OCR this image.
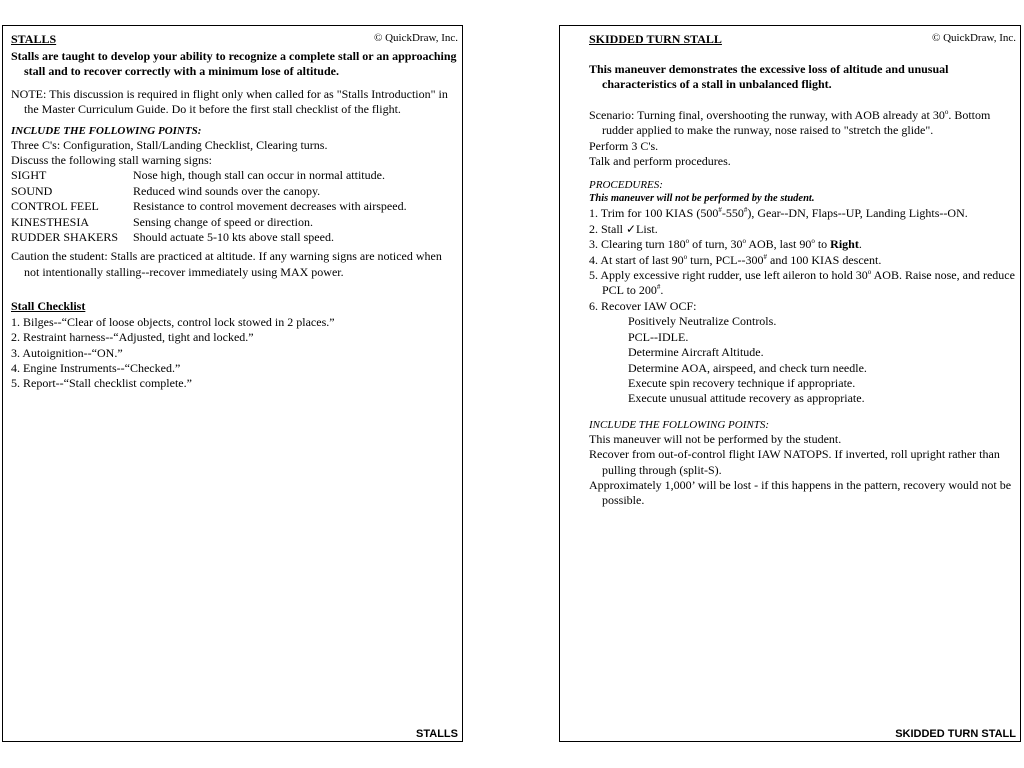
STALLS	© QuickDraw, Inc.

Stalls are taught to develop your ability to recognize a complete stall or an approaching stall and to recover correctly with a minimum lose of altitude.

NOTE: This discussion is required in flight only when called for as "Stalls Introduction" in the Master Curriculum Guide. Do it before the first stall checklist of the flight.

INCLUDE THE FOLLOWING POINTS:

Three C's: Configuration, Stall/Landing Checklist, Clearing turns.

Discuss the following stall warning signs:

SIGHT	Nose high, though stall can occur in normal attitude.
SOUND	Reduced wind sounds over the canopy.
CONTROL FEEL	Resistance to control movement decreases with airspeed.
KINESTHESIA	Sensing change of speed or direction.
RUDDER SHAKERS	Should actuate 5-10 kts above stall speed.

Caution the student: Stalls are practiced at altitude. If any warning signs are noticed when not intentionally stalling--recover immediately using MAX power.

Stall Checklist

1. Bilges--“Clear of loose objects, control lock stowed in 2 places.”

2. Restraint harness--“Adjusted, tight and locked.”

3. Autoignition--“ON.”

4. Engine Instruments--“Checked.”

5. Report--“Stall checklist complete.”

STALLS
SKIDDED TURN STALL	© QuickDraw, Inc.

This maneuver demonstrates the excessive loss of altitude and unusual characteristics of a stall in unbalanced flight.

Scenario: Turning final, overshooting the runway, with AOB already at 30$^o$. Bottom rudder applied to make the runway, nose raised to "stretch the glide".

Perform 3 C's.

Talk and perform procedures.

PROCEDURES:

This maneuver will not be performed by the student.

1. Trim for 100 KIAS (500#-550#), Gear--DN, Flaps--UP, Landing Lights--ON.

2. Stall ✓List.

3. Clearing turn 180$^o$ of turn, 30$^o$ AOB, last 90$^o$ to Right.

4. At start of last 90$^o$ turn, PCL--300# and 100 KIAS descent.

5. Apply excessive right rudder, use left aileron to hold 30$^o$ AOB. Raise nose, and reduce PCL to 200#.

6. Recover IAW OCF:

Positively Neutralize Controls.

PCL--IDLE.

Determine Aircraft Altitude.

Determine AOA, airspeed, and check turn needle.

Execute spin recovery technique if appropriate.

Execute unusual attitude recovery as appropriate.

INCLUDE THE FOLLOWING POINTS:

This maneuver will not be performed by the student.

Recover from out-of-control flight IAW NATOPS. If inverted, roll upright rather than pulling through (split-S).

Approximately 1,000’ will be lost - if this happens in the pattern, recovery would not be possible.

SKIDDED TURN STALL
